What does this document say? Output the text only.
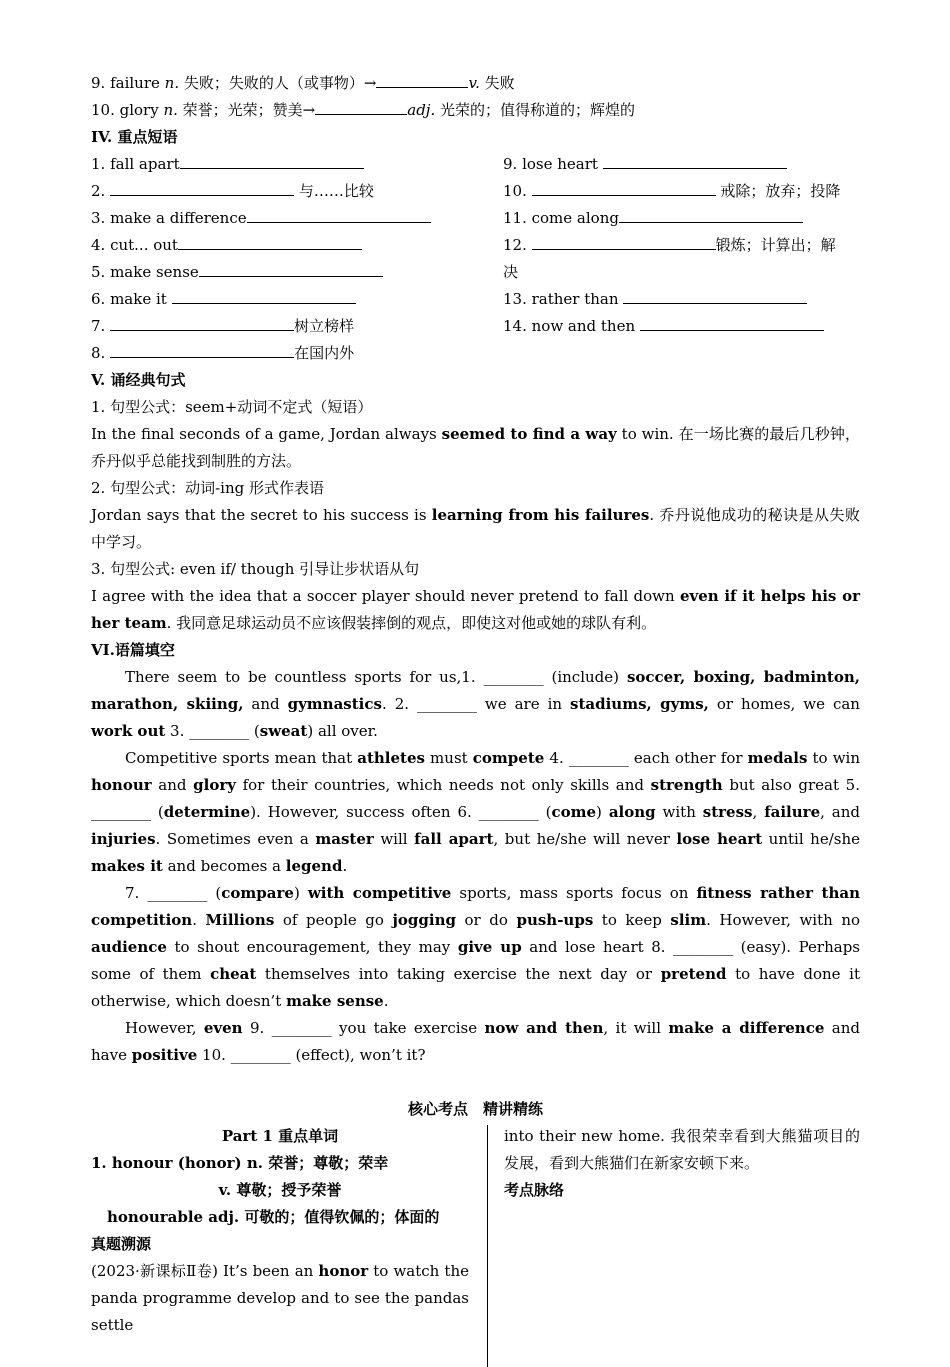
9. failure n. 失败；失败的人（或事物）→	v. 失败
10. glory n. 荣誉；光荣；赞美→	adj. 光荣的；值得称道的；辉煌的
IV. 重点短语
1. fall apart
2.	与……比较
3. make a difference
4. cut... out
5. make sense
6. make it
7.	树立榜样
8.	在国内外
9. lose heart
10.	戒除；放弃；投降
11. come along
12.	锻炼；计算出；解
决
13. rather than
14. now and then
V. 诵经典句式
1. 句型公式：seem+动词不定式（短语）
In the final seconds of a game, Jordan always seemed to find a way to win. 在一场比赛的最后几秒钟，乔丹似乎总能找到制胜的方法。
2. 句型公式：动词-ing 形式作表语
Jordan says that the secret to his success is learning from his failures. 乔丹说他成功的秘诀是从失败中学习。
3. 句型公式: even if/ though 引导让步状语从句
I agree with the idea that a soccer player should never pretend to fall down even if it helps his or her team. 我同意足球运动员不应该假装摔倒的观点，即使这对他或她的球队有利。
VI.语篇填空
There seem to be countless sports for us,1. ________ (include) soccer, boxing, badminton, marathon, skiing, and gymnastics. 2. ________ we are in stadiums, gyms, or homes, we can work out 3. ________ (sweat) all over.
Competitive sports mean that athletes must compete 4. ________ each other for medals to win honour and glory for their countries, which needs not only skills and strength but also great 5. ________ (determine). However, success often 6. ________ (come) along with stress, failure, and injuries. Sometimes even a master will fall apart, but he/she will never lose heart until he/she makes it and becomes a legend.
7. ________ (compare) with competitive sports, mass sports focus on fitness rather than competition. Millions of people go jogging or do push-ups to keep slim. However, with no audience to shout encouragement, they may give up and lose heart 8. ________ (easy). Perhaps some of them cheat themselves into taking exercise the next day or pretend to have done it otherwise, which doesn’t make sense.
However, even 9. ________ you take exercise now and then, it will make a difference and have positive 10. ________ (effect), won’t it?
核心考点　精讲精练
Part 1 重点单词
1. honour (honor) n. 荣誉；尊敬；荣幸
v. 尊敬；授予荣誉
honourable adj. 可敬的；值得钦佩的；体面的
真题溯源
(2023·新课标Ⅱ卷) It’s been an honor to watch the panda programme develop and to see the pandas settle
into their new home. 我很荣幸看到大熊猫项目的发展，看到大熊猫们在新家安顿下来。
考点脉络
